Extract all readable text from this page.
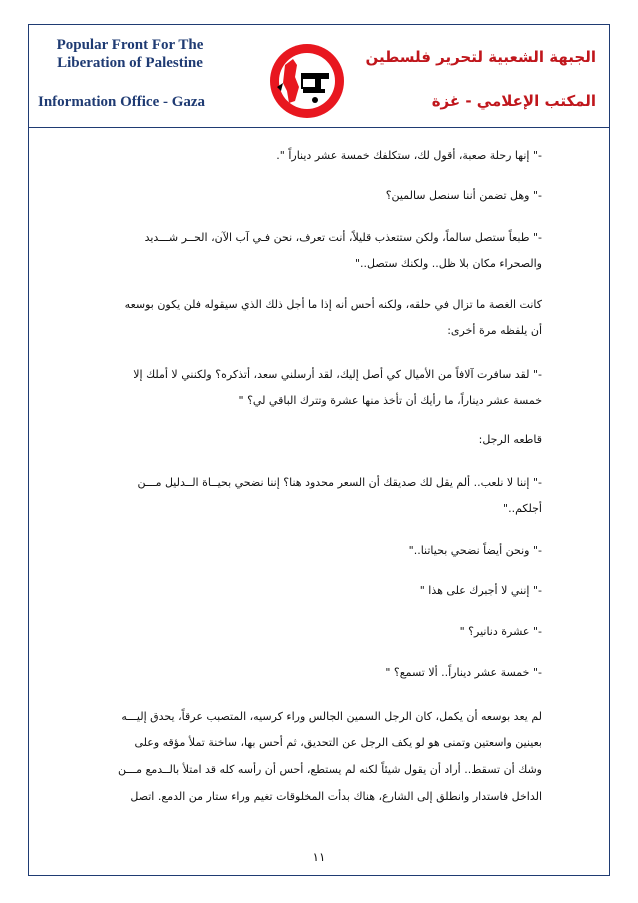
Popular Front For The Liberation of Palestine
Information Office - Gaza
الجبهة الشعبية لتحرير فلسطين
المكتب الإعلامي - غزة
-" إنها رحلة صعبة، أقول لك، ستكلفك خمسة عشر ديناراً ".
-" وهل تضمن أننا سنصل سالمين؟
-" طبعاً ستصل سالماً، ولكن ستتعذب قليلاً، أنت تعرف، نحن فـي آب الآن، الحــر شـــديد
والصحراء مكان بلا ظل.. ولكنك ستصل.."
كانت الغصة ما تزال في حلقه، ولكنه أحس أنه إذا ما أجل ذلك الذي سيقوله فلن يكون بوسعه
أن يلفظه مرة أخرى:
-" لقد سافرت آلافاً من الأميال كي أصل إليك، لقد أرسلني سعد، أتذكره؟ ولكنني لا أملك إلا
خمسة عشر ديناراً، ما رأيك أن تأخذ منها عشرة وتترك الباقي لي؟ "
قاطعه الرجل:
-" إننا لا نلعب.. ألم يقل لك صديقك أن السعر محدود هنا؟ إننا نضحي بحيــاة الــدليل مـــن
أجلكم.."
-" ونحن أيضاً نضحي بحياتنا.."
-" إنني لا أجبرك على هذا "
-" عشرة دنانير؟ "
-" خمسة عشر ديناراً.. ألا تسمع؟ "
لم يعد بوسعه أن يكمل، كان الرجل السمين الجالس وراء كرسيه، المتصبب عرقاً، يحدق إليـــه
بعينين واسعتين وتمنى هو لو يكف الرجل عن التحديق، ثم أحس بها، ساخنة تملأ مؤقه وعلى
وشك أن تسقط.. أراد أن يقول شيئاً لكنه لم يستطع، أحس أن رأسه كله قد امتلأ بالــدمع مـــن
الداخل فاستدار وانطلق إلى الشارع، هناك بدأت المخلوقات تغيم وراء ستار من الدمع. اتصل
١١
